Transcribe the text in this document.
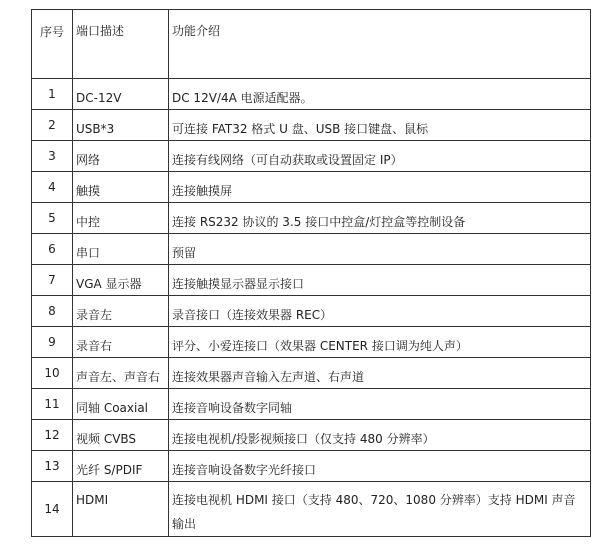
序号	端口描述	功能介绍
1	DC-12V	DC 12V/4A 电源适配器。
2	USB*3	可连接 FAT32 格式 U 盘、USB 接口键盘、鼠标
3	网络	连接有线网络（可自动获取或设置固定 IP）
4	触摸	连接触摸屏
5	中控	连接 RS232 协议的 3.5 接口中控盒/灯控盒等控制设备
6	串口	预留
7	VGA 显示器	连接触摸显示器显示接口
8	录音左	录音接口（连接效果器 REC）
9	录音右	评分、小爱连接口（效果器 CENTER 接口调为纯人声）
10	声音左、声音右	连接效果器声音输入左声道、右声道
11	同轴 Coaxial	连接音响设备数字同轴
12	视频 CVBS	连接电视机/投影视频接口（仅支持 480 分辨率）
13	光纤 S/PDIF	连接音响设备数字光纤接口
14	HDMI	连接电视机 HDMI 接口（支持 480、720、1080 分辨率）支持 HDMI 声音输出
